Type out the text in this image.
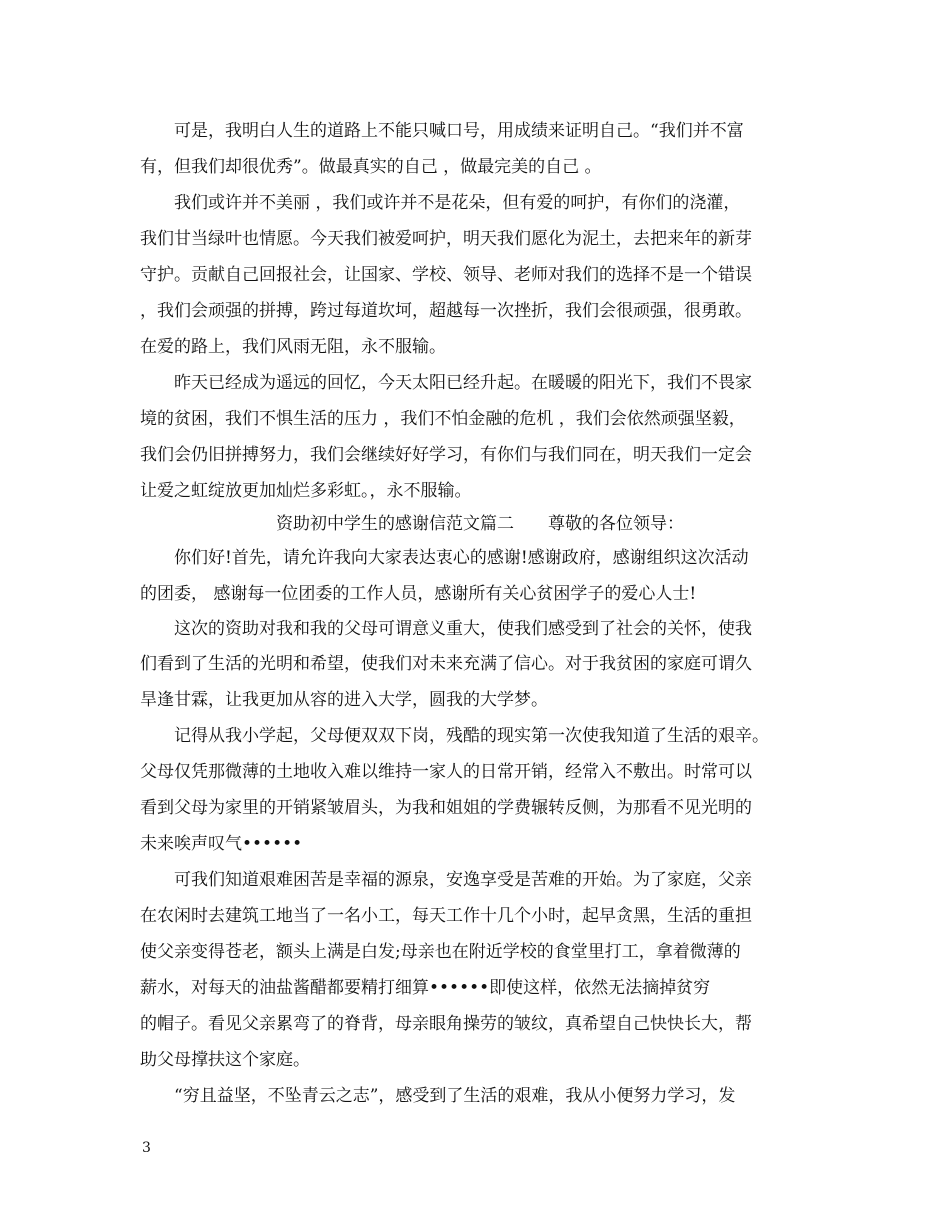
　　可是，我明白人生的道路上不能只喊口号，用成绩来证明自己。“我们并不富
有，但我们却很优秀”。做最真实的自己 ，做最完美的自己 。
　　我们或许并不美丽 ，我们或许并不是花朵，但有爱的呵护，有你们的浇灌，
我们甘当绿叶也情愿。今天我们被爱呵护，明天我们愿化为泥土，去把来年的新芽
守护。贡献自己回报社会，让国家、学校、领导、老师对我们的选择不是一个错误
，我们会顽强的拼搏，跨过每道坎坷，超越每一次挫折，我们会很顽强，很勇敢。
在爱的路上，我们风雨无阻，永不服输。
　　昨天已经成为遥远的回忆，今天太阳已经升起。在暖暖的阳光下，我们不畏家
境的贫困，我们不惧生活的压力 ，我们不怕金融的危机 ，我们会依然顽强坚毅，
我们会仍旧拼搏努力，我们会继续好好学习，有你们与我们同在，明天我们一定会
让爱之虹绽放更加灿烂多彩虹。，永不服输。
　　　　　　　　资助初中学生的感谢信范文篇二　　尊敬的各位领导：
　　你们好!首先，请允许我向大家表达衷心的感谢!感谢政府，感谢组织这次活动
的团委， 感谢每一位团委的工作人员，感谢所有关心贫困学子的爱心人士!
　　这次的资助对我和我的父母可谓意义重大，使我们感受到了社会的关怀，使我
们看到了生活的光明和希望，使我们对未来充满了信心。对于我贫困的家庭可谓久
旱逢甘霖，让我更加从容的进入大学，圆我的大学梦。
　　记得从我小学起，父母便双双下岗，残酷的现实第一次使我知道了生活的艰辛。
父母仅凭那微薄的土地收入难以维持一家人的日常开销，经常入不敷出。时常可以
看到父母为家里的开销紧皱眉头，为我和姐姐的学费辗转反侧，为那看不见光明的
未来唉声叹气••••••
　　可我们知道艰难困苦是幸福的源泉，安逸享受是苦难的开始。为了家庭，父亲
在农闲时去建筑工地当了一名小工，每天工作十几个小时，起早贪黑，生活的重担
使父亲变得苍老，额头上满是白发;母亲也在附近学校的食堂里打工，拿着微薄的
薪水，对每天的油盐酱醋都要精打细算••••••即使这样，依然无法摘掉贫穷
的帽子。看见父亲累弯了的脊背，母亲眼角操劳的皱纹，真希望自己快快长大，帮
助父母撑扶这个家庭。
　　“穷且益坚，不坠青云之志”，感受到了生活的艰难，我从小便努力学习，发
3
